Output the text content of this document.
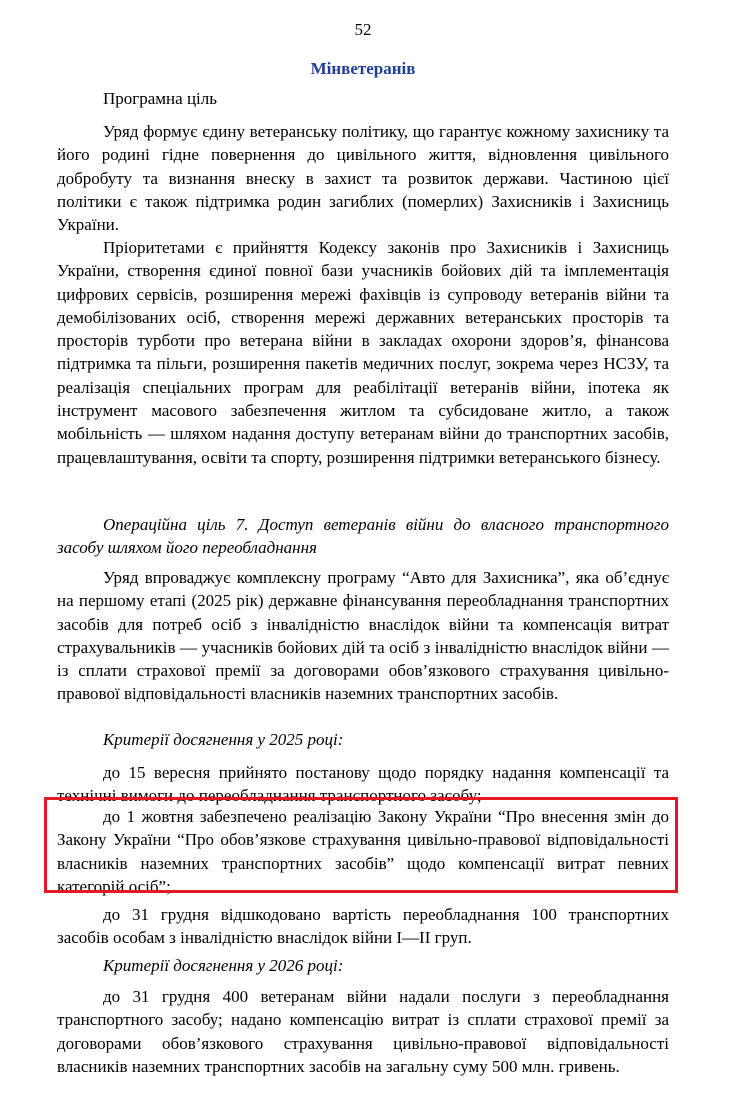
52
Мінветеранів

Програмна ціль

Уряд формує єдину ветеранську політику, що гарантує кожному захиснику та його родині гідне повернення до цивільного життя, відновлення цивільного добробуту та визнання внеску в захист та розвиток держави. Частиною цієї політики є також підтримка родин загиблих (померлих) Захисників і Захисниць України.

Пріоритетами є прийняття Кодексу законів про Захисників і Захисниць України, створення єдиної повної бази учасників бойових дій та імплементація цифрових сервісів, розширення мережі фахівців із супроводу ветеранів війни та демобілізованих осіб, створення мережі державних ветеранських просторів та просторів турботи про ветерана війни в закладах охорони здоров’я, фінансова підтримка та пільги, розширення пакетів медичних послуг, зокрема через НСЗУ, та реалізація спеціальних програм для реабілітації ветеранів війни, іпотека як інструмент масового забезпечення житлом та субсидоване житло, а також мобільність — шляхом надання доступу ветеранам війни до транспортних засобів, працевлаштування, освіти та спорту, розширення підтримки ветеранського бізнесу.

Операційна ціль 7. Доступ ветеранів війни до власного транспортного засобу шляхом його переобладнання

Уряд впроваджує комплексну програму “Авто для Захисника”, яка об’єднує на першому етапі (2025 рік) державне фінансування переобладнання транспортних засобів для потреб осіб з інвалідністю внаслідок війни та компенсація витрат страхувальників — учасників бойових дій та осіб з інвалідністю внаслідок війни — із сплати страхової премії за договорами обов’язкового страхування цивільно-правової відповідальності власників наземних транспортних засобів.

Критерії досягнення у 2025 році:

до 15 вересня прийнято постанову щодо порядку надання компенсації та технічні вимоги до переобладнання транспортного засобу;

до 1 жовтня забезпечено реалізацію Закону України “Про внесення змін до Закону України “Про обов’язкове страхування цивільно-правової відповідальності власників наземних транспортних засобів” щодо компенсації витрат певних категорій осіб”;

до 31 грудня відшкодовано вартість переобладнання 100 транспортних засобів особам з інвалідністю внаслідок війни I—II груп.

Критерії досягнення у 2026 році:

до 31 грудня 400 ветеранам війни надали послуги з переобладнання транспортного засобу; надано компенсацію витрат із сплати страхової премії за договорами обов’язкового страхування цивільно-правової відповідальності власників наземних транспортних засобів на загальну суму 500 млн. гривень.
